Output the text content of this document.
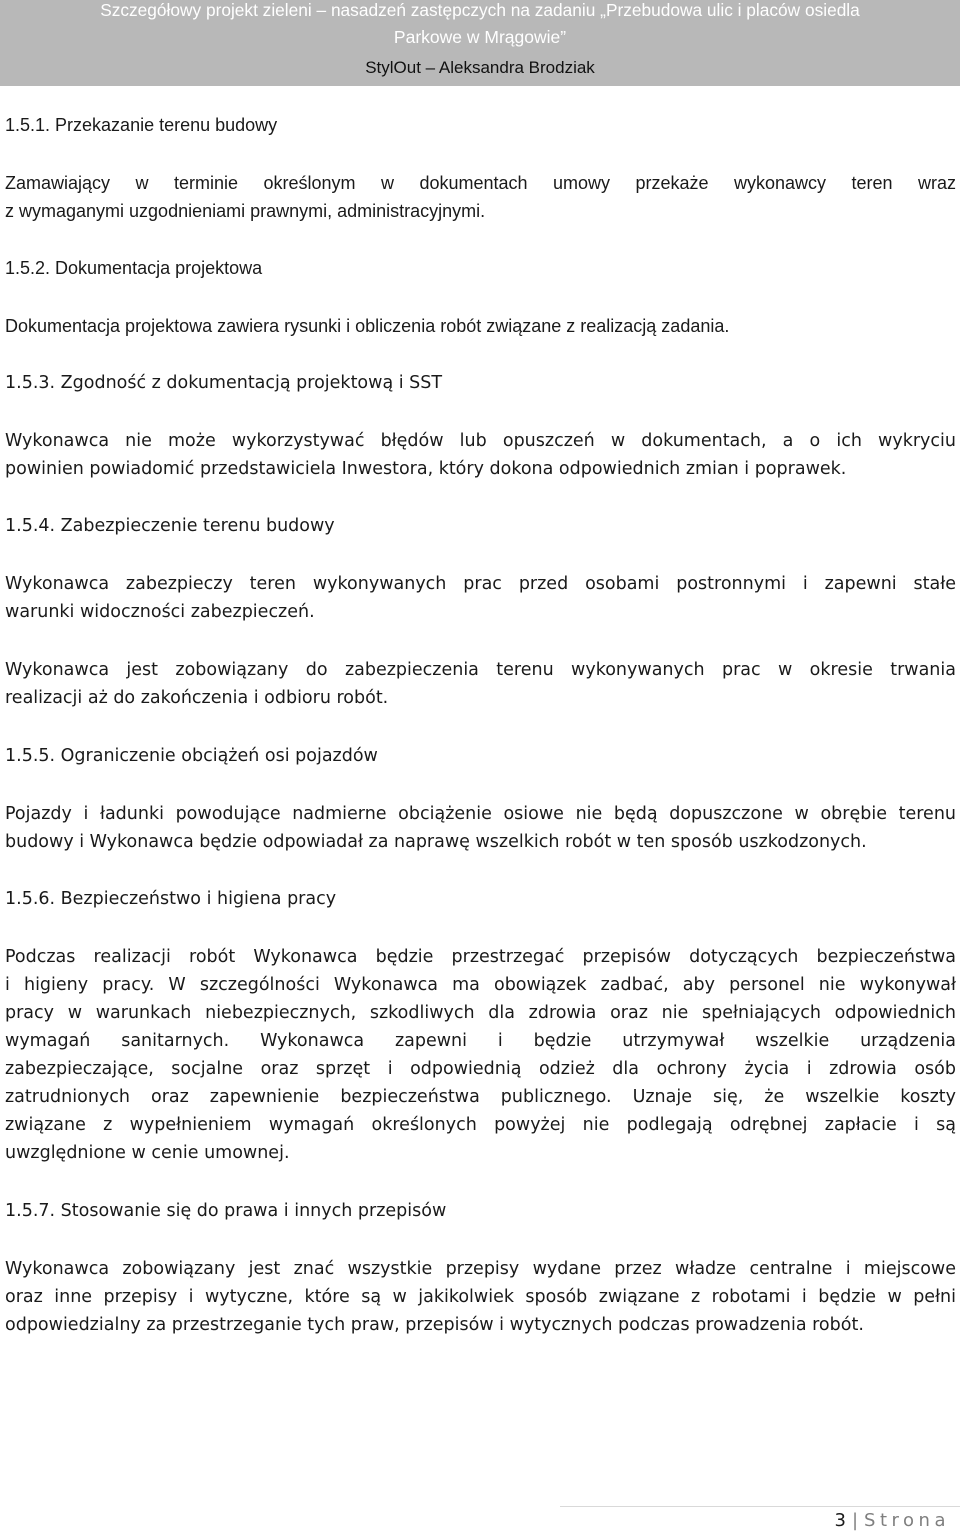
Szczegółowy projekt zieleni – nasadzeń zastępczych na zadaniu „Przebudowa ulic i placów osiedla
Parkowe w Mrągowie”
StylOut – Aleksandra Brodziak
1.5.1. Przekazanie terenu budowy
Zamawiający w terminie określonym w dokumentach umowy przekaże wykonawcy teren wraz
z wymaganymi uzgodnieniami prawnymi, administracyjnymi.
1.5.2. Dokumentacja projektowa
Dokumentacja projektowa zawiera rysunki i obliczenia robót związane z realizacją zadania.
1.5.3. Zgodność z dokumentacją projektową i SST
Wykonawca nie może wykorzystywać błędów lub opuszczeń w dokumentach, a o ich wykryciu
powinien powiadomić przedstawiciela Inwestora, który dokona odpowiednich zmian i poprawek.
1.5.4. Zabezpieczenie terenu budowy
Wykonawca zabezpieczy teren wykonywanych prac przed osobami postronnymi i zapewni stałe
warunki widoczności zabezpieczeń.
Wykonawca jest zobowiązany do zabezpieczenia terenu wykonywanych prac w okresie trwania
realizacji aż do zakończenia i odbioru robót.
1.5.5. Ograniczenie obciążeń osi pojazdów
Pojazdy i ładunki powodujące nadmierne obciążenie osiowe nie będą dopuszczone w obrębie terenu
budowy i Wykonawca będzie odpowiadał za naprawę wszelkich robót w ten sposób uszkodzonych.
1.5.6. Bezpieczeństwo i higiena pracy
Podczas realizacji robót Wykonawca będzie przestrzegać przepisów dotyczących bezpieczeństwa
i higieny pracy. W szczególności Wykonawca ma obowiązek zadbać, aby personel nie wykonywał
pracy w warunkach niebezpiecznych, szkodliwych dla zdrowia oraz nie spełniających odpowiednich
wymagań sanitarnych. Wykonawca zapewni i będzie utrzymywał wszelkie urządzenia
zabezpieczające, socjalne oraz sprzęt i odpowiednią odzież dla ochrony życia i zdrowia osób
zatrudnionych oraz zapewnienie bezpieczeństwa publicznego. Uznaje się, że wszelkie koszty
związane z wypełnieniem wymagań określonych powyżej nie podlegają odrębnej zapłacie i są
uwzględnione w cenie umownej.
1.5.7. Stosowanie się do prawa i innych przepisów
Wykonawca zobowiązany jest znać wszystkie przepisy wydane przez władze centralne i miejscowe
oraz inne przepisy i wytyczne, które są w jakikolwiek sposób związane z robotami i będzie w pełni
odpowiedzialny za przestrzeganie tych praw, przepisów i wytycznych podczas prowadzenia robót.
3 | Strona
